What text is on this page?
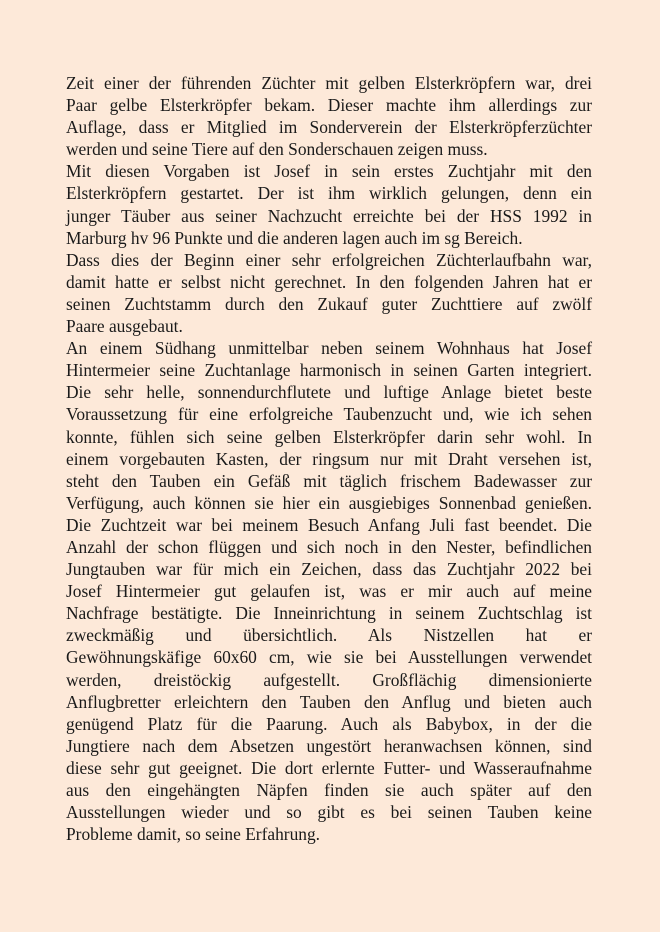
Zeit einer der führenden Züchter mit gelben Elsterkröpfern war, drei
Paar gelbe Elsterkröpfer bekam. Dieser machte ihm allerdings zur
Auflage, dass er Mitglied im Sonderverein der Elsterkröpferzüchter
werden und seine Tiere auf den Sonderschauen zeigen muss.
Mit diesen Vorgaben ist Josef in sein erstes Zuchtjahr mit den
Elsterkröpfern gestartet. Der ist ihm wirklich gelungen, denn ein
junger Täuber aus seiner Nachzucht erreichte bei der HSS 1992 in
Marburg hv 96 Punkte und die anderen lagen auch im sg Bereich.
Dass dies der Beginn einer sehr erfolgreichen Züchterlaufbahn war,
damit hatte er selbst nicht gerechnet. In den folgenden Jahren hat er
seinen Zuchtstamm durch den Zukauf guter Zuchttiere auf zwölf
Paare ausgebaut.
An einem Südhang unmittelbar neben seinem Wohnhaus hat Josef
Hintermeier seine Zuchtanlage harmonisch in seinen Garten integriert.
Die sehr helle, sonnendurchflutete und luftige Anlage bietet beste
Voraussetzung für eine erfolgreiche Taubenzucht und, wie ich sehen
konnte, fühlen sich seine gelben Elsterkröpfer darin sehr wohl. In
einem vorgebauten Kasten, der ringsum nur mit Draht versehen ist,
steht den Tauben ein Gefäß mit täglich frischem Badewasser zur
Verfügung, auch können sie hier ein ausgiebiges Sonnenbad genießen.
Die Zuchtzeit war bei meinem Besuch Anfang Juli fast beendet. Die
Anzahl der schon flüggen und sich noch in den Nester, befindlichen
Jungtauben war für mich ein Zeichen, dass das Zuchtjahr 2022 bei
Josef Hintermeier gut gelaufen ist, was er mir auch auf meine
Nachfrage bestätigte. Die Inneinrichtung in seinem Zuchtschlag ist
zweckmäßig und übersichtlich. Als Nistzellen hat er
Gewöhnungskäfige 60x60 cm, wie sie bei Ausstellungen verwendet
werden, dreistöckig aufgestellt. Großflächig dimensionierte
Anflugbretter erleichtern den Tauben den Anflug und bieten auch
genügend Platz für die Paarung. Auch als Babybox, in der die
Jungtiere nach dem Absetzen ungestört heranwachsen können, sind
diese sehr gut geeignet. Die dort erlernte Futter- und Wasseraufnahme
aus den eingehängten Näpfen finden sie auch später auf den
Ausstellungen wieder und so gibt es bei seinen Tauben keine
Probleme damit, so seine Erfahrung.
